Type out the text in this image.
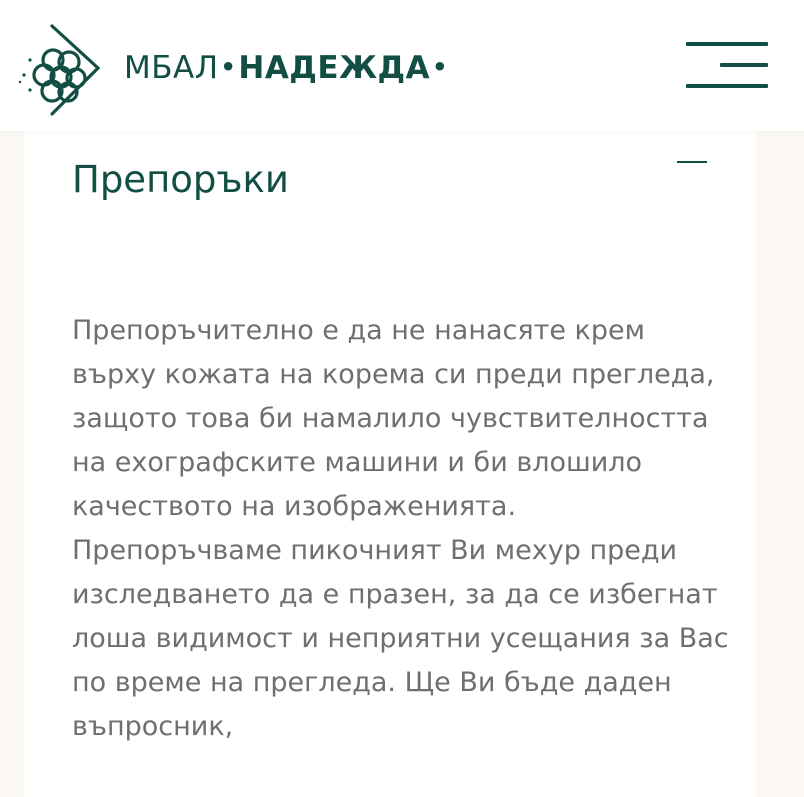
МБАЛ•НАДЕЖДА•
Препоръки

Препоръчително е да не нанасяте крем върху кожата на корема си преди прегледа, защото това би намалило чувствителността на ехографските машини и би влошило качеството на изображенията.

Препоръчваме пикочният Ви мехур преди изследването да е празен, за да се избегнат лоша видимост и неприятни усещания за Вас по време на прегледа. Ще Ви бъде даден въпросник,
